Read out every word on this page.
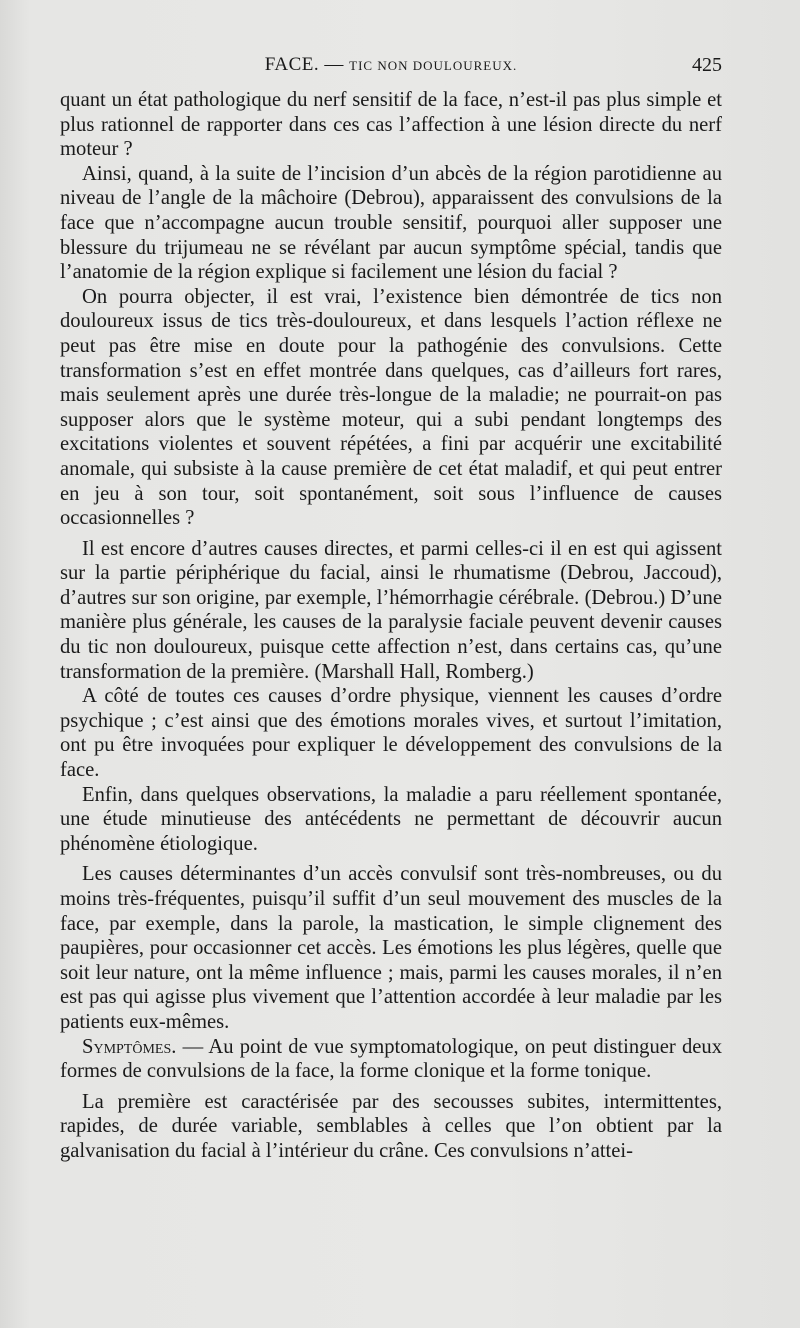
FACE. — TIC NON DOULOUREUX.	425

quant un état pathologique du nerf sensitif de la face, n’est-il pas plus simple et plus rationnel de rapporter dans ces cas l’affection à une lésion directe du nerf moteur ?

Ainsi, quand, à la suite de l’incision d’un abcès de la région parotidienne au niveau de l’angle de la mâchoire (Debrou), apparaissent des convulsions de la face que n’accompagne aucun trouble sensitif, pourquoi aller supposer une blessure du trijumeau ne se révélant par aucun symptôme spécial, tandis que l’anatomie de la région explique si facilement une lésion du facial ?

On pourra objecter, il est vrai, l’existence bien démontrée de tics non douloureux issus de tics très-douloureux, et dans lesquels l’action réflexe ne peut pas être mise en doute pour la pathogénie des convulsions. Cette transformation s’est en effet montrée dans quelques, cas d’ailleurs fort rares, mais seulement après une durée très-longue de la maladie; ne pourrait-on pas supposer alors que le système moteur, qui a subi pendant longtemps des excitations violentes et souvent répétées, a fini par acquérir une excitabilité anomale, qui subsiste à la cause première de cet état maladif, et qui peut entrer en jeu à son tour, soit spontanément, soit sous l’influence de causes occasionnelles ?

Il est encore d’autres causes directes, et parmi celles-ci il en est qui agissent sur la partie périphérique du facial, ainsi le rhumatisme (Debrou, Jaccoud), d’autres sur son origine, par exemple, l’hémorrhagie cérébrale. (Debrou.) D’une manière plus générale, les causes de la paralysie faciale peuvent devenir causes du tic non douloureux, puisque cette affection n’est, dans certains cas, qu’une transformation de la première. (Marshall Hall, Romberg.)

A côté de toutes ces causes d’ordre physique, viennent les causes d’ordre psychique ; c’est ainsi que des émotions morales vives, et surtout l’imitation, ont pu être invoquées pour expliquer le développement des convulsions de la face.

Enfin, dans quelques observations, la maladie a paru réellement spontanée, une étude minutieuse des antécédents ne permettant de découvrir aucun phénomène étiologique.

Les causes déterminantes d’un accès convulsif sont très-nombreuses, ou du moins très-fréquentes, puisqu’il suffit d’un seul mouvement des muscles de la face, par exemple, dans la parole, la mastication, le simple clignement des paupières, pour occasionner cet accès. Les émotions les plus légères, quelle que soit leur nature, ont la même influence ; mais, parmi les causes morales, il n’en est pas qui agisse plus vivement que l’attention accordée à leur maladie par les patients eux-mêmes.

Symptômes. — Au point de vue symptomatologique, on peut distinguer deux formes de convulsions de la face, la forme clonique et la forme tonique.

La première est caractérisée par des secousses subites, intermittentes, rapides, de durée variable, semblables à celles que l’on obtient par la galvanisation du facial à l’intérieur du crâne. Ces convulsions n’attei-
